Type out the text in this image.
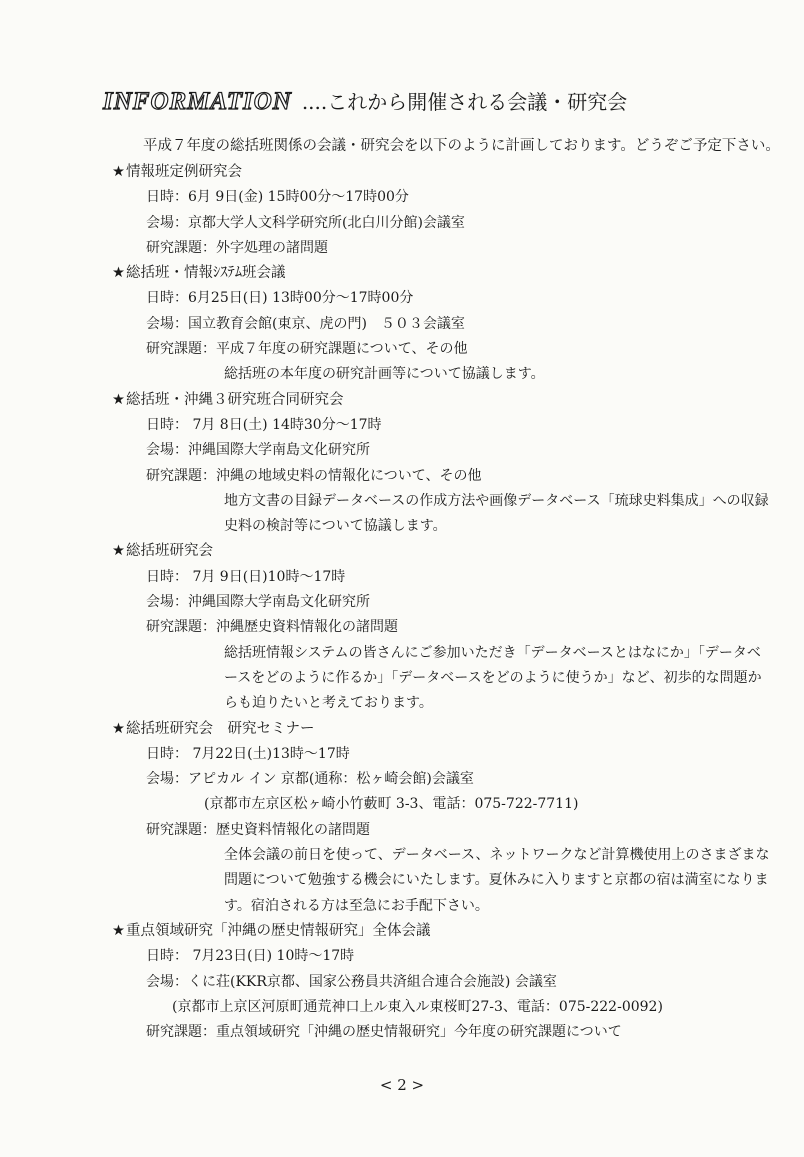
INFORMATION ....これから開催される会議・研究会
平成７年度の総括班関係の会議・研究会を以下のように計画しております。どうぞご予定下さい。
★情報班定例研究会
日時：6月 9日(金) 15時00分～17時00分
会場：京都大学人文科学研究所(北白川分館)会議室
研究課題：外字処理の諸問題
★総括班・情報ｼｽﾃﾑ班会議
日時：6月25日(日) 13時00分～17時00分
会場：国立教育会館(東京、虎の門)　５０３会議室
研究課題：平成７年度の研究課題について、その他
総括班の本年度の研究計画等について協議します。
★総括班・沖縄３研究班合同研究会
日時： 7月 8日(土) 14時30分～17時
会場：沖縄国際大学南島文化研究所
研究課題：沖縄の地域史料の情報化について、その他
地方文書の目録データベースの作成方法や画像データベース「琉球史料集成」への収録史料の検討等について協議します。
★総括班研究会
日時： 7月 9日(日)10時～17時
会場：沖縄国際大学南島文化研究所
研究課題：沖縄歴史資料情報化の諸問題
総括班情報システムの皆さんにご参加いただき「データベースとはなにか」「データベースをどのように作るか」「データベースをどのように使うか」など、初歩的な問題からも迫りたいと考えております。
★総括班研究会　研究セミナー
日時： 7月22日(土)13時～17時
会場：アピカル イン 京都(通称：松ヶ崎会館)会議室
(京都市左京区松ヶ崎小竹藪町 3-3、電話：075-722-7711)
研究課題：歴史資料情報化の諸問題
全体会議の前日を使って、データベース、ネットワークなど計算機使用上のさまざまな問題について勉強する機会にいたします。夏休みに入りますと京都の宿は満室になります。宿泊される方は至急にお手配下さい。
★重点領域研究「沖縄の歴史情報研究」全体会議
日時： 7月23日(日) 10時～17時
会場：くに荘(KKR京都、国家公務員共済組合連合会施設) 会議室
(京都市上京区河原町通荒神口上ル東入ル東桜町27-3、電話：075-222-0092)
研究課題：重点領域研究「沖縄の歴史情報研究」今年度の研究課題について
< 2 >
